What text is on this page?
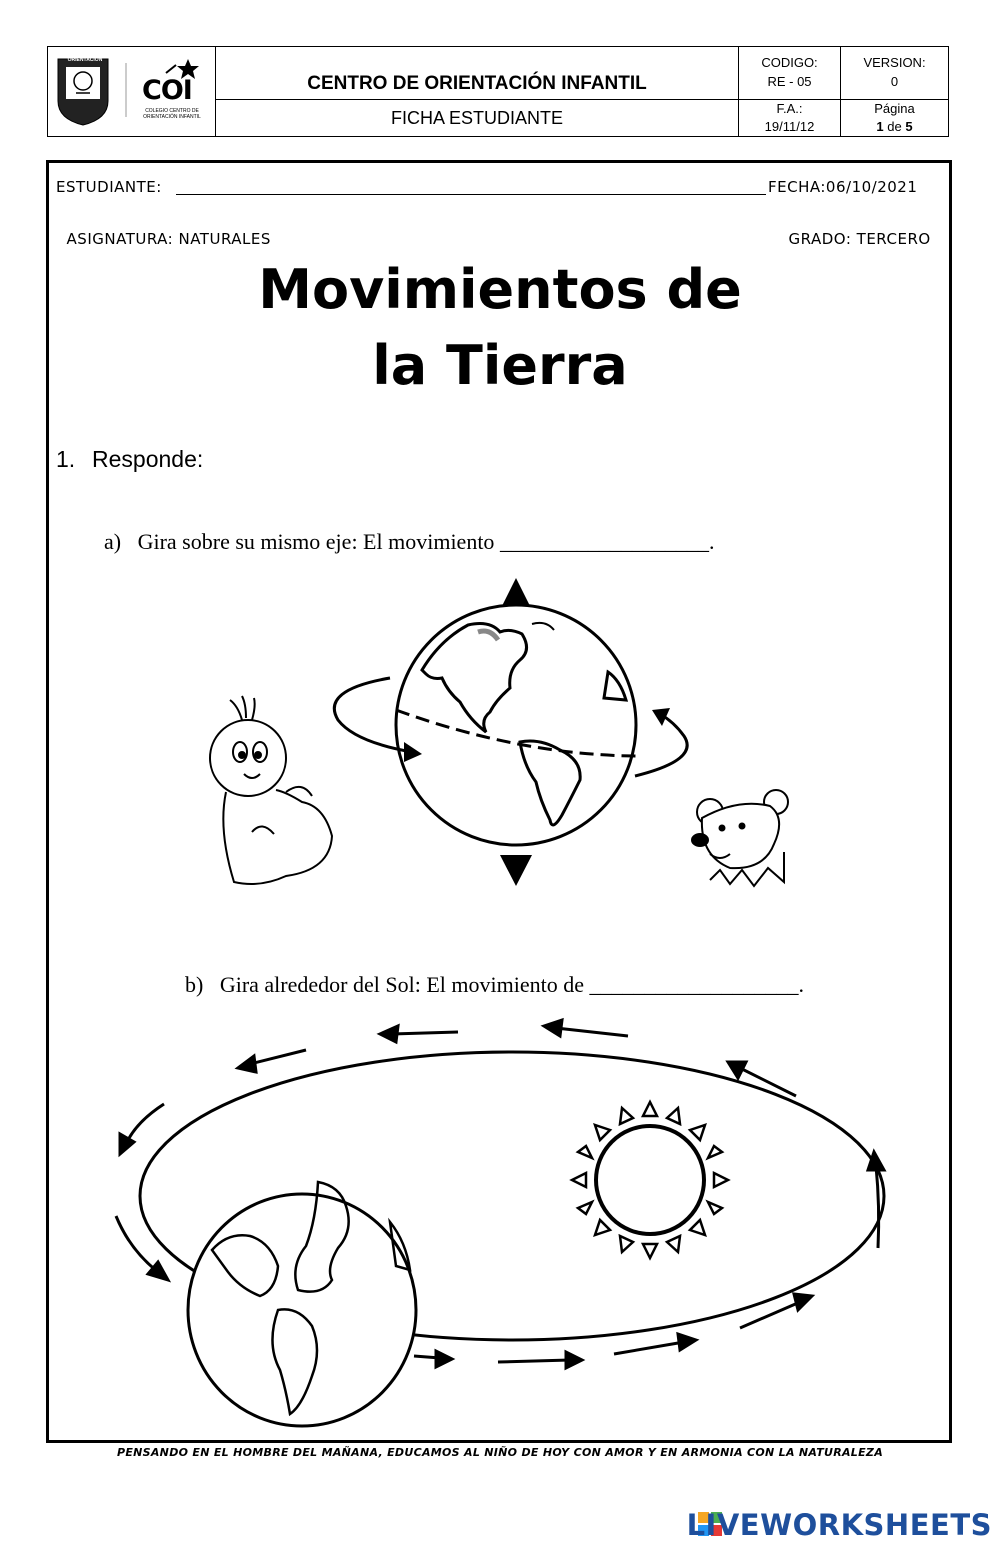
ORIENTACIÓN
COI
COLEGIO CENTRO DE ORIENTACIÓN INFANTIL
CENTRO DE ORIENTACIÓN INFANTIL
FICHA ESTUDIANTE
CODIGO:
RE - 05
VERSION:
0
F.A.:
19/11/12
Página
1 de 5
ESTUDIANTE:	FECHA:06/10/2021

ASIGNATURA: NATURALES	GRADO: TERCERO

Movimientos de
la Tierra
1. Responde:

a) Gira sobre su mismo eje: El movimiento ___________________.

b) Gira alrededor del Sol: El movimiento de ___________________.

PENSANDO EN EL HOMBRE DEL MAÑANA, EDUCAMOS AL NIÑO DE HOY CON AMOR Y EN ARMONIA CON LA NATURALEZA
LIVEWORKSHEETS
